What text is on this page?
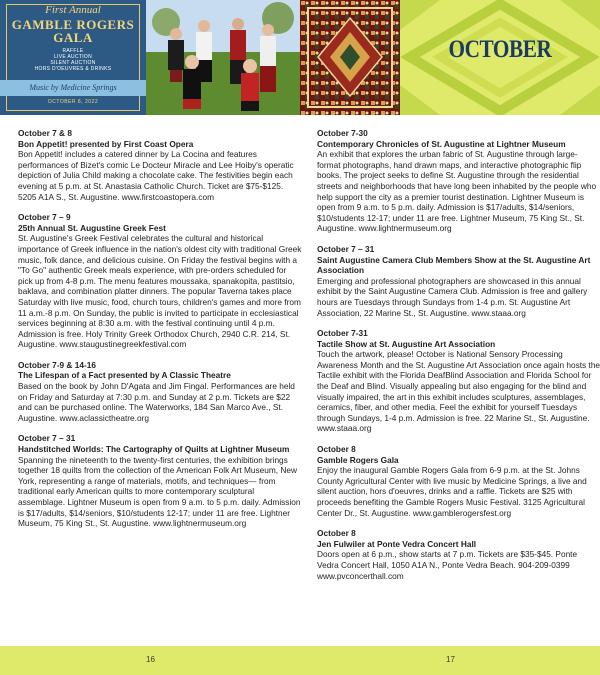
First Annual
GAMBLE ROGERS
GALA
RAFFLE
LIVE AUCTION
SILENT AUCTION
HORS D'OEUVRES & DRINKS
Music by Medicine Springs
OCTOBER 8, 2022
OCTOBER
October 7 & 8
Bon Appetit! presented by First Coast Opera
Bon Appetit! includes a catered dinner by La Cocina and features performances of Bizet's comic Le Docteur Miracle and Lee Hoiby's operatic depiction of Julia Child making a chocolate cake. The festivities begin each evening at 5 p.m. at St. Anastasia Catholic Church. Ticket are $75-$125. 5205 A1A S., St. Augustine. www.firstcoastopera.com
October 7 – 9
25th Annual St. Augustine Greek Fest
St. Augustine's Greek Festival celebrates the cultural and historical importance of Greek influence in the nation's oldest city with traditional Greek music, folk dance, and delicious cuisine. On Friday the festival begins with a "To Go" authentic Greek meals experience, with pre-orders scheduled for pick up from 4-8 p.m. The menu features moussaka, spanakopita, pastitsio, baklava, and combination platter dinners. The popular Taverna takes place Saturday with live music, food, church tours, children's games and more from 11 a.m.-8 p.m. On Sunday, the public is invited to participate in ecclesiastical services beginning at 8:30 a.m. with the festival continuing until 4 p.m. Admission is free. Holy Trinity Greek Orthodox Church, 2940 C.R. 214, St. Augustine. www.staugustinegreekfestival.com
October 7-9 & 14-16
The Lifespan of a Fact presented by A Classic Theatre
Based on the book by John D'Agata and Jim Fingal. Performances are held on Friday and Saturday at 7:30 p.m. and Sunday at 2 p.m. Tickets are $22 and can be purchased online. The Waterworks, 184 San Marco Ave., St. Augustine. www.aclassictheatre.org
October 7 – 31
Handstitched Worlds: The Cartography of Quilts at Lightner Museum
Spanning the nineteenth to the twenty-first centuries, the exhibition brings together 18 quilts from the collection of the American Folk Art Museum, New York, representing a range of materials, motifs, and techniques— from traditional early American quilts to more contemporary sculptural assemblage. Lightner Museum is open from 9 a.m. to 5 p.m. daily. Admission is $17/adults, $14/seniors, $10/students 12-17; under 11 are free. Lightner Museum, 75 King St., St. Augustine. www.lightnermuseum.org
October 7-30
Contemporary Chronicles of St. Augustine at Lightner Museum
An exhibit that explores the urban fabric of St. Augustine through large-format photographs, hand drawn maps, and interactive photographic flip books. The project seeks to define St. Augustine through the residential streets and neighborhoods that have long been inhabited by the people who help support the city as a premier tourist destination. Lightner Museum is open from 9 a.m. to 5 p.m. daily. Admission is $17/adults, $14/seniors, $10/students 12-17; under 11 are free. Lightner Museum, 75 King St., St. Augustine. www.lightnermuseum.org
October 7 – 31
Saint Augustine Camera Club Members Show at the St. Augustine Art Association
Emerging and professional photographers are showcased in this annual exhibit by the Saint Augustine Camera Club. Admission is free and gallery hours are Tuesdays through Sundays from 1-4 p.m. St. Augustine Art Association, 22 Marine St., St. Augustine. www.staaa.org
October 7-31
Tactile Show at St. Augustine Art Association
Touch the artwork, please! October is National Sensory Processing Awareness Month and the St. Augustine Art Association once again hosts the Tactile exhibit with the Florida DeafBlind Association and Florida School for the Deaf and Blind. Visually appealing but also engaging for the blind and visually impaired, the art in this exhibit includes sculptures, assemblages, ceramics, fiber, and other media. Feel the exhibit for yourself Tuesdays through Sundays, 1-4 p.m. Admission is free. 22 Marine St., St. Augustine. www.staaa.org
October 8
Gamble Rogers Gala
Enjoy the inaugural Gamble Rogers Gala from 6-9 p.m. at the St. Johns County Agricultural Center with live music by Medicine Springs, a live and silent auction, hors d'oeuvres, drinks and a raffle. Tickets are $25 with proceeds benefiting the Gamble Rogers Music Festival. 3125 Agricultural Center Dr., St. Augustine. www.gamblerogersfest.org
October 8
Jen Fulwiler at Ponte Vedra Concert Hall
Doors open at 6 p.m., show starts at 7 p.m. Tickets are $35-$45. Ponte Vedra Concert Hall, 1050 A1A N., Ponte Vedra Beach. 904-209-0399 www.pvconcerthall.com
16	17
